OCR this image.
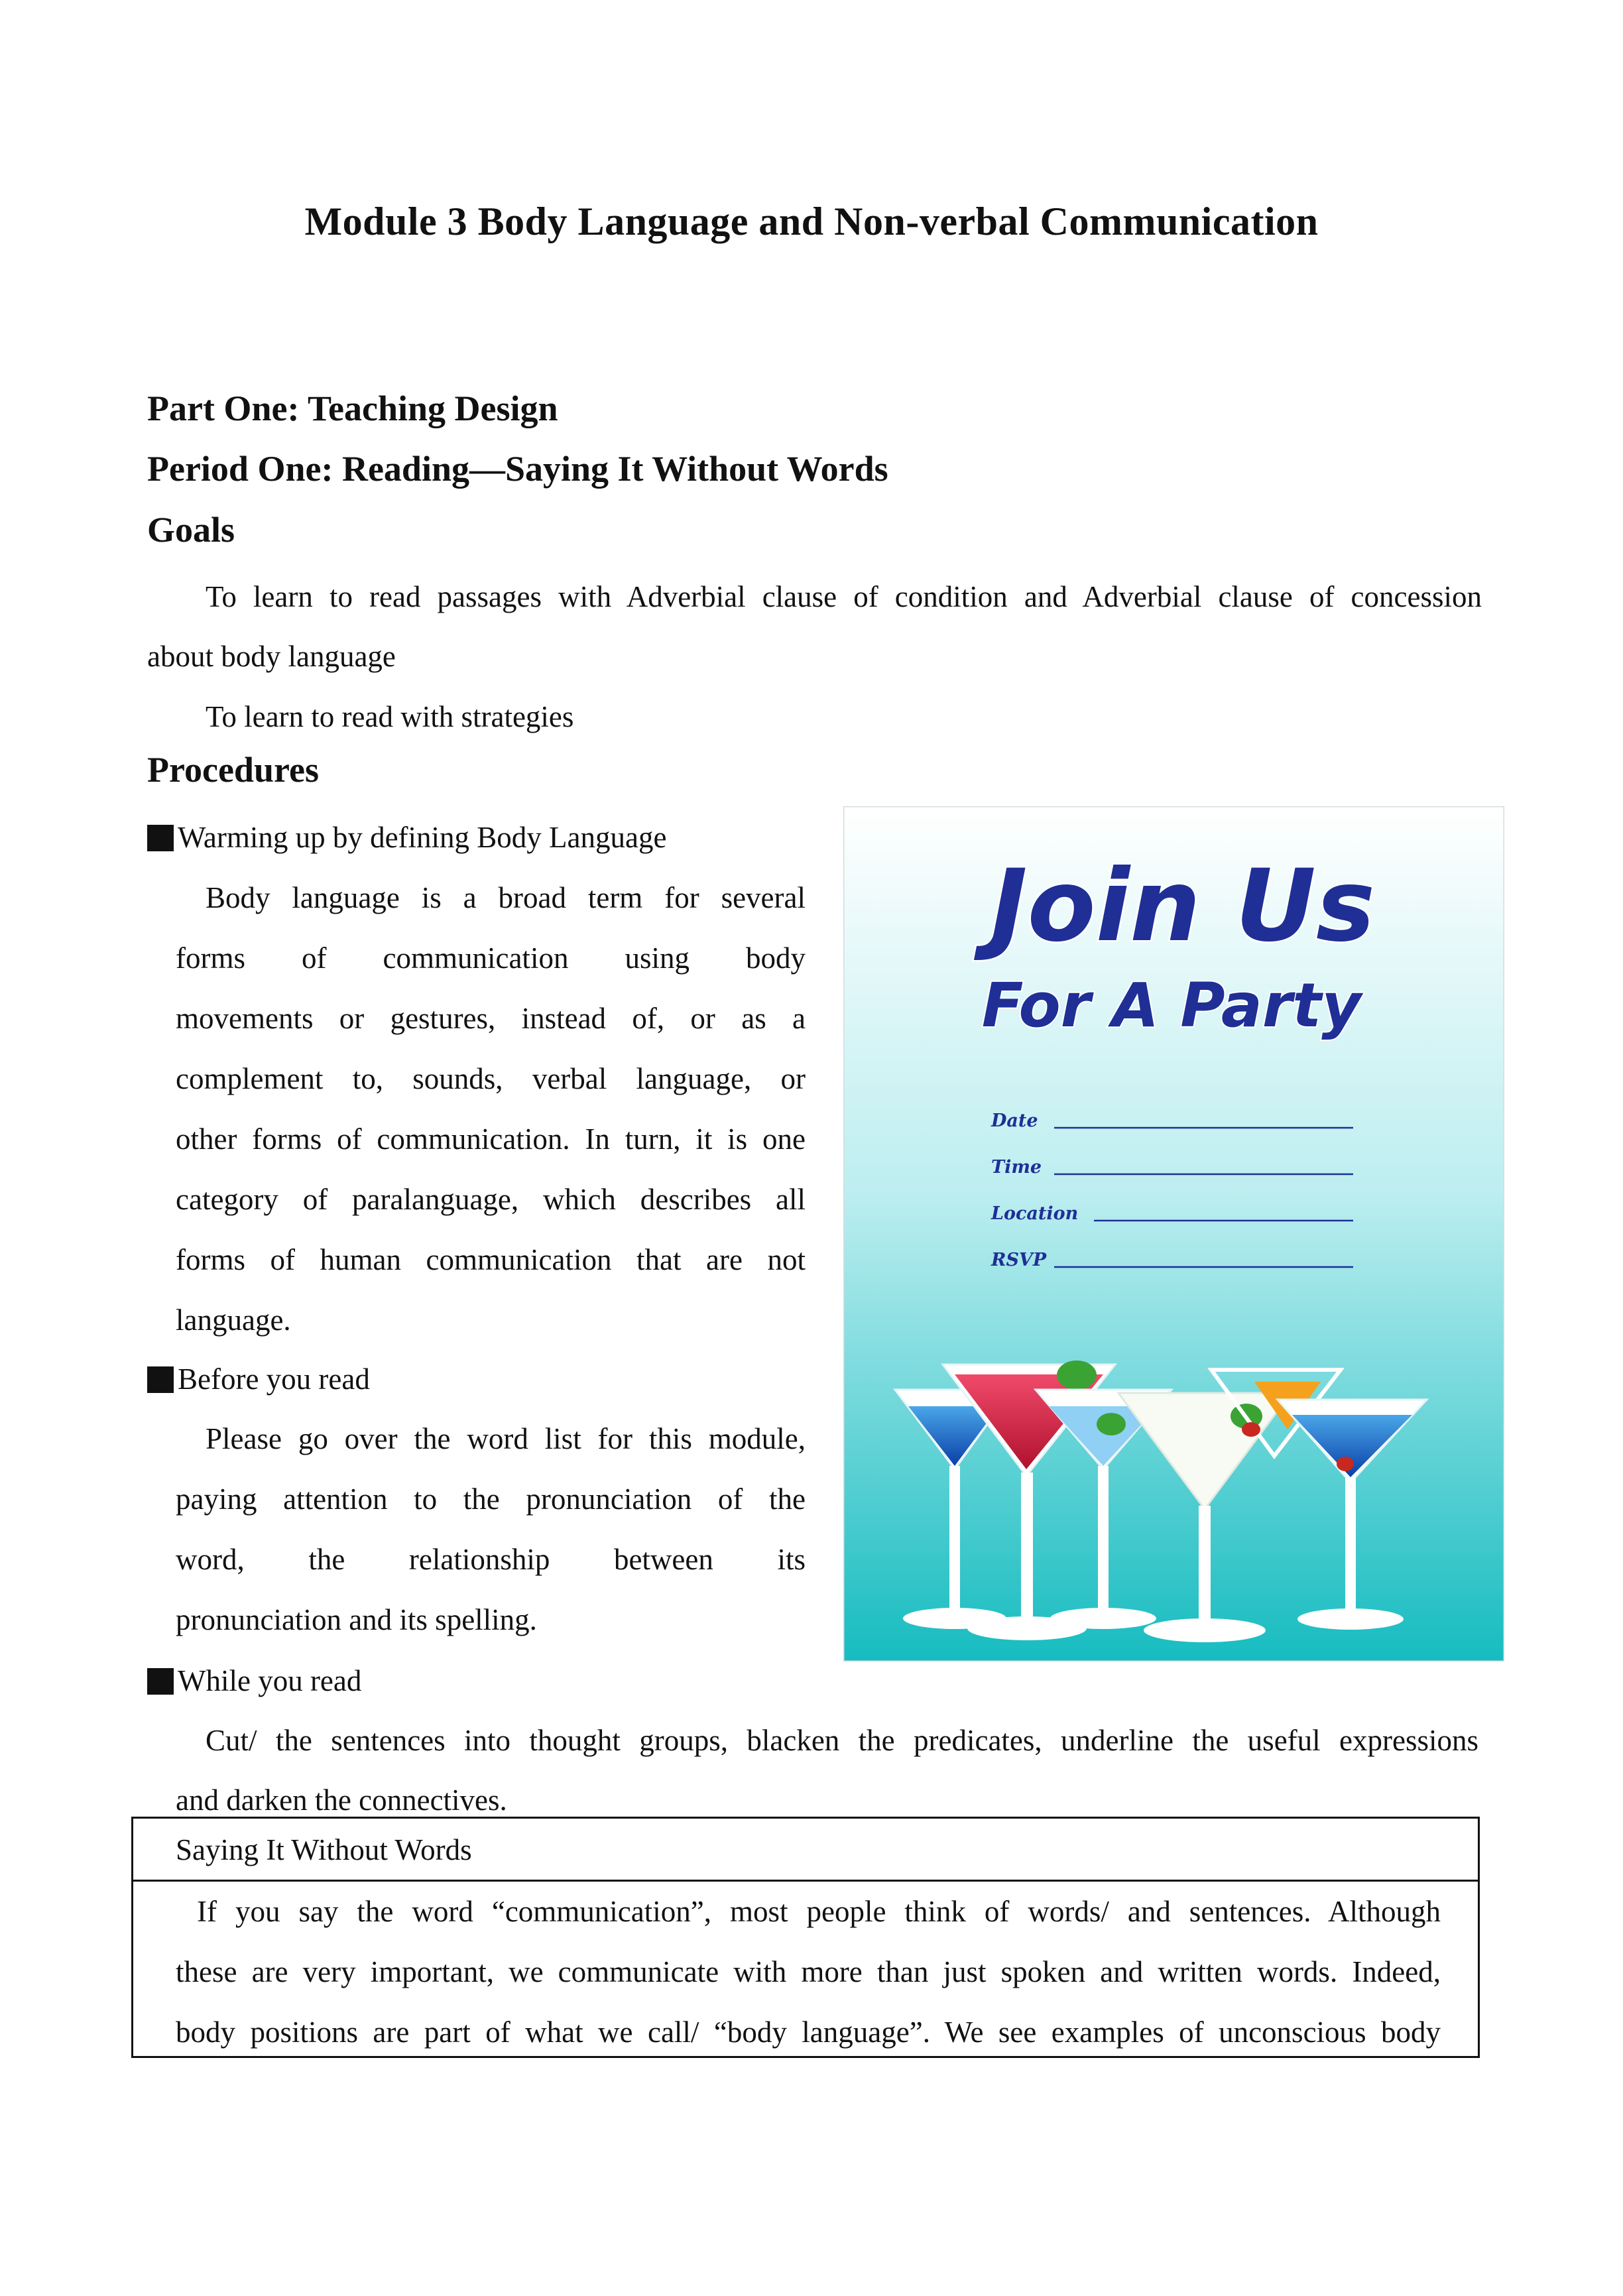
Module 3 Body Language and Non-verbal Communication
Part One: Teaching Design
Period One: Reading—Saying It Without Words
Goals
To learn to read passages with Adverbial clause of condition and Adverbial clause of concession
about body language
To learn to read with strategies
Procedures
Warming up by defining Body Language
Body language is a broad term for several
forms of communication using body
movements or gestures, instead of, or as a
complement to, sounds, verbal language, or
other forms of communication. In turn, it is one
category of paralanguage, which describes all
forms of human communication that are not
language.
Before you read
Please go over the word list for this module,
paying attention to the pronunciation of the
word, the relationship between its
pronunciation and its spelling.
While you read
Cut/ the sentences into thought groups, blacken the predicates, underline the useful expressions
and darken the connectives.
Saying It Without Words
If you say the word “communication”, most people think of words/ and sentences. Although
these are very important, we communicate with more than just spoken and written words. Indeed,
body positions are part of what we call/ “body language”. We see examples of unconscious body
Join Us
For A Party
Date
Time
Location
RSVP
